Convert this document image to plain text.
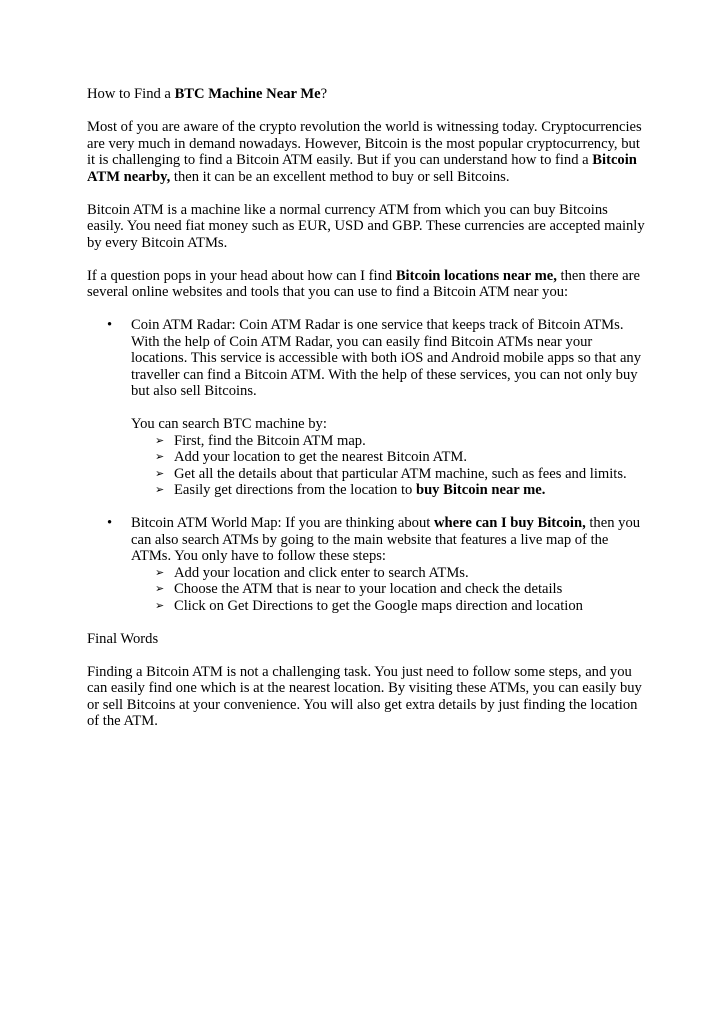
How to Find a BTC Machine Near Me?

Most of you are aware of the crypto revolution the world is witnessing today. Cryptocurrencies are very much in demand nowadays. However, Bitcoin is the most popular cryptocurrency, but it is challenging to find a Bitcoin ATM easily. But if you can understand how to find a Bitcoin ATM nearby, then it can be an excellent method to buy or sell Bitcoins.

Bitcoin ATM is a machine like a normal currency ATM from which you can buy Bitcoins easily. You need fiat money such as EUR, USD and GBP. These currencies are accepted mainly by every Bitcoin ATMs.

If a question pops in your head about how can I find Bitcoin locations near me, then there are several online websites and tools that you can use to find a Bitcoin ATM near you:

• Coin ATM Radar: Coin ATM Radar is one service that keeps track of Bitcoin ATMs. With the help of Coin ATM Radar, you can easily find Bitcoin ATMs near your locations. This service is accessible with both iOS and Android mobile apps so that any traveller can find a Bitcoin ATM. With the help of these services, you can not only buy but also sell Bitcoins.

You can search BTC machine by:

➢ First, find the Bitcoin ATM map.
➢ Add your location to get the nearest Bitcoin ATM.
➢ Get all the details about that particular ATM machine, such as fees and limits.
➢ Easily get directions from the location to buy Bitcoin near me.
• Bitcoin ATM World Map: If you are thinking about where can I buy Bitcoin, then you can also search ATMs by going to the main website that features a live map of the ATMs. You only have to follow these steps:
➢ Add your location and click enter to search ATMs.
➢ Choose the ATM that is near to your location and check the details
➢ Click on Get Directions to get the Google maps direction and location

Final Words

Finding a Bitcoin ATM is not a challenging task. You just need to follow some steps, and you can easily find one which is at the nearest location. By visiting these ATMs, you can easily buy or sell Bitcoins at your convenience. You will also get extra details by just finding the location of the ATM.
